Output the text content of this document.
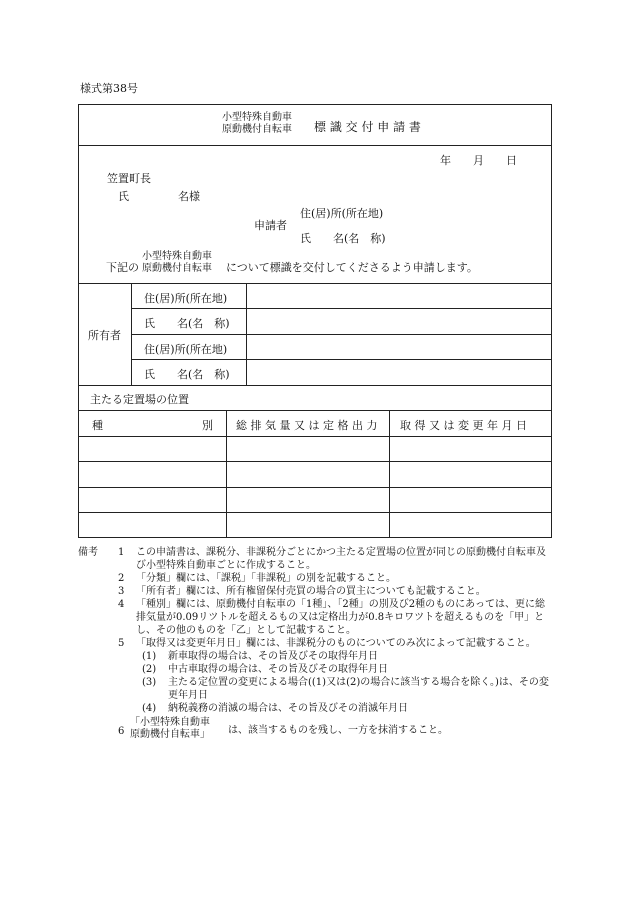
様式第38号
小型特殊自動車
原動機付自転車 標 識 交 付 申 請 書
年　　月　　日
笠置町長
氏	名様
住(居)所(所在地)
申請者
氏　　名(名　称)
下記の
小型特殊自動車
原動機付自転車 について標識を交付してくださるよう申請します。
所有者
住(居)所(所在地)
氏　　名(名　称)
住(居)所(所在地)
氏　　名(名　称)
主たる定置場の位置
種　　　　　　　　　別 総 排 気 量 又 は 定 格 出 力 取 得 又 は 変 更 年 月 日
備考 1 この申請書は、課税分、非課税分ごとにかつ主たる定置場の位置が同じの原動機付自転車及び小型特殊自動車ごとに作成すること。
2 「分類」欄には、「課税」「非課税」の別を記載すること。
3 「所有者」欄には、所有権留保付売買の場合の買主についても記載すること。
4 「種別」欄には、原動機付自転車の「1種」、「2種」の別及び2種のものにあっては、更に総排気量が0.09リツトルを超えるもの又は定格出力が0.8キロワツトを超えるものを「甲」とし、その他のものを「乙」として記載すること。
5 「取得又は変更年月日」欄には、非課税分のものについてのみ次によって記載すること。
(1) 新車取得の場合は、その旨及びその取得年月日
(2) 中古車取得の場合は、その旨及びその取得年月日
(3) 主たる定位置の変更による場合((1)又は(2)の場合に該当する場合を除く。)は、その変更年月日
(4) 納税義務の消滅の場合は、その旨及びその消滅年月日
6
「小型特殊自動車
原動機付自転車」 は、該当するものを残し、一方を抹消すること。
